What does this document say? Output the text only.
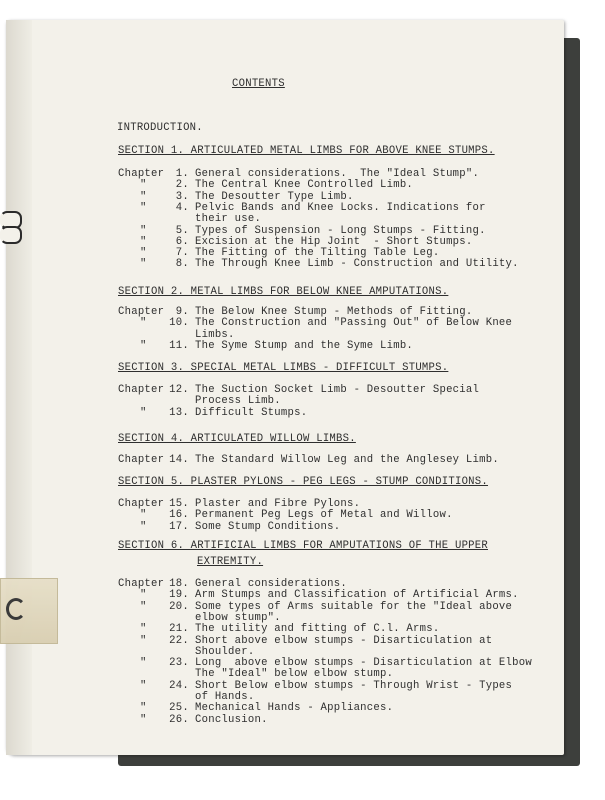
CONTENTS
INTRODUCTION.
SECTION 1. ARTICULATED METAL LIMBS FOR ABOVE KNEE STUMPS.
Chapter	1. General considerations.  The "Ideal Stump".
"	2. The Central Knee Controlled Limb.
"	3. The Desoutter Type Limb.
"	4. Pelvic Bands and Knee Locks. Indications for
their use.
"	5. Types of Suspension - Long Stumps - Fitting.
"	6. Excision at the Hip Joint  - Short Stumps.
"	7. The Fitting of the Tilting Table Leg.
"	8. The Through Knee Limb - Construction and Utility.
SECTION 2. METAL LIMBS FOR BELOW KNEE AMPUTATIONS.
Chapter	9. The Below Knee Stump - Methods of Fitting.
"	10. The Construction and "Passing Out" of Below Knee
Limbs.
"	11. The Syme Stump and the Syme Limb.
SECTION 3. SPECIAL METAL LIMBS - DIFFICULT STUMPS.
Chapter 12. The Suction Socket Limb - Desoutter Special
Process Limb.
"	13. Difficult Stumps.
SECTION 4. ARTICULATED WILLOW LIMBS.
Chapter 14. The Standard Willow Leg and the Anglesey Limb.
SECTION 5. PLASTER PYLONS - PEG LEGS - STUMP CONDITIONS.
Chapter 15. Plaster and Fibre Pylons.
"	16. Permanent Peg Legs of Metal and Willow.
"	17. Some Stump Conditions.
SECTION 6. ARTIFICIAL LIMBS FOR AMPUTATIONS OF THE UPPER
EXTREMITY.
Chapter 18. General considerations.
"	19. Arm Stumps and Classification of Artificial Arms.
"	20. Some types of Arms suitable for the "Ideal above
elbow stump".
"	21. The utility and fitting of C.l. Arms.
"	22. Short above elbow stumps - Disarticulation at
Shoulder.
"	23. Long  above elbow stumps - Disarticulation at Elbow
The "Ideal" below elbow stump.
"	24. Short Below elbow stumps - Through Wrist - Types
of Hands.
"	25. Mechanical Hands - Appliances.
"	26. Conclusion.
